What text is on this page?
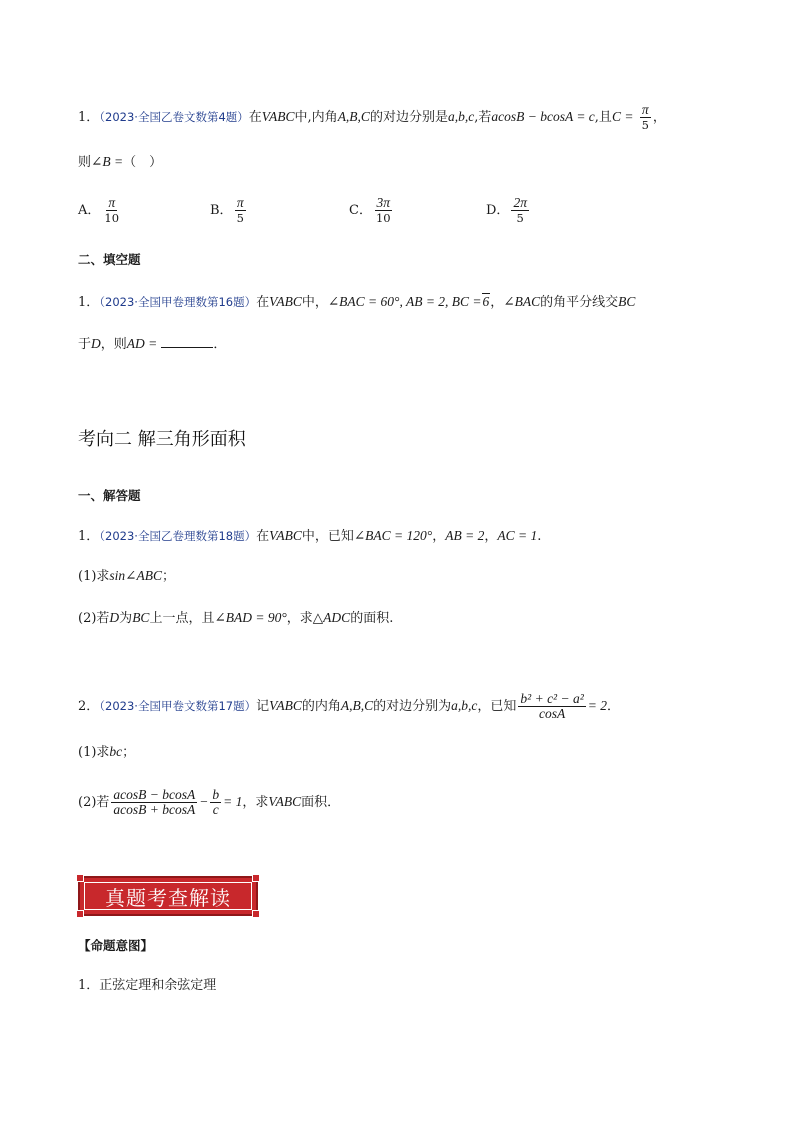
1．（2023·全国乙卷文数第4题）在VABC中,内角A,B,C的对边分别是a,b,c,若acosB − bcosA = c,且$C = \frac{\pi}{5}$ ，
则∠B =（　）
A． $\frac{\pi}{10}$	B． $\frac{\pi}{5}$	C． $\frac{3\pi}{10}$	D． $\frac{2\pi}{5}$
二、填空题
1．（2023·全国甲卷理数第16题）在VABC中，∠BAC = 60°, AB = 2, BC =6，∠BAC的角平分线交BC
于D，则AD =	．
考向二 解三角形面积
一、解答题
1．（2023·全国乙卷理数第18题）在VABC中，已知∠BAC = 120°，AB = 2，AC = 1.
(1)求sin∠ABC；
(2)若D为BC上一点，且∠BAD = 90°，求△ADC的面积.
2．（2023·全国甲卷文数第17题）记VABC的内角A,B,C的对边分别为a,b,c，已知 $\frac{\text{b² + c² − a²}}{\cos A} = 2$．
(1)求bc；
(2)若 $\frac{acosB - bcosA}{acosB + bcosA} - \frac{b}{c} = 1$，求VABC面积．
真题考查解读
【命题意图】
1．正弦定理和余弦定理
